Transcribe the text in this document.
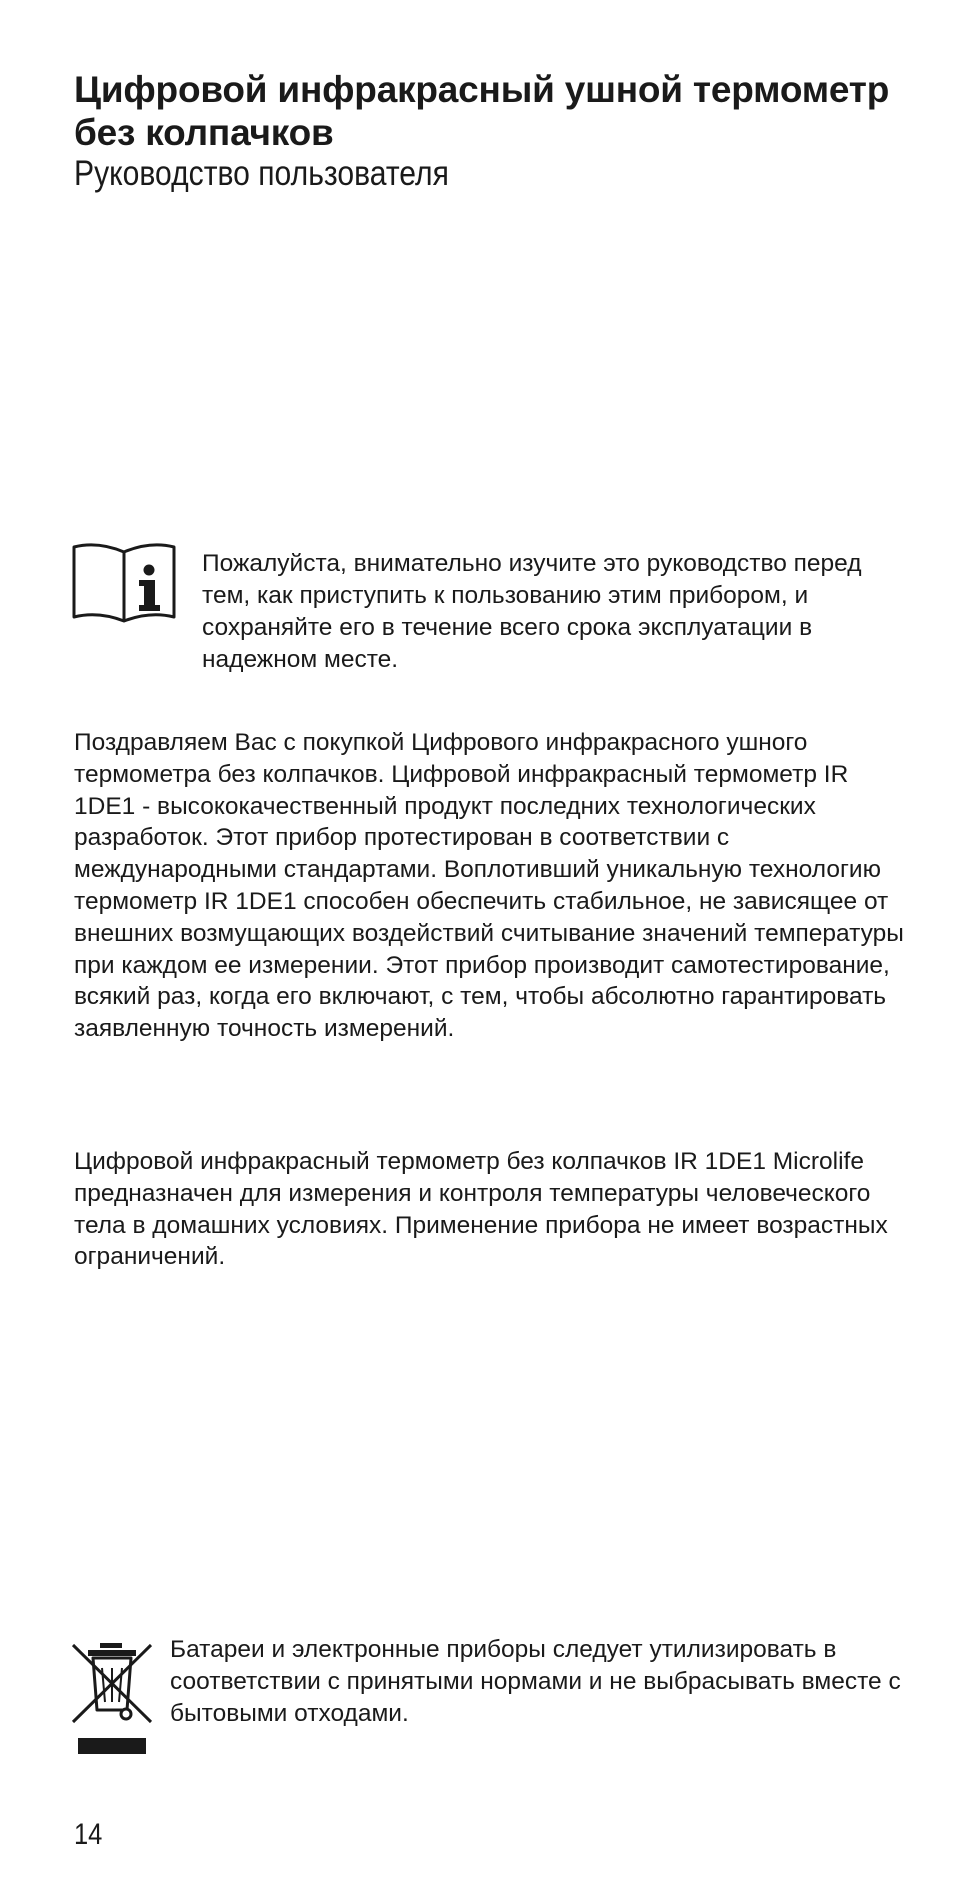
Цифровой инфракрасный ушной термометр без колпачков
Руководство пользователя

Пожалуйста, внимательно изучите это руководство перед тем, как приступить к пользованию этим прибором, и сохраняйте его в течение всего срока эксплуатации в надежном месте.

Поздравляем Вас с покупкой Цифрового инфракрасного ушного термометра без колпачков. Цифровой инфракрасный термометр IR 1DE1 - высококачественный продукт последних технологических разработок. Этот прибор протестирован в соответствии с международными стандартами. Воплотивший уникальную технологию термометр IR 1DE1 способен обеспечить стабильное, не зависящее от внешних возмущающих воздействий считывание значений температуры при каждом ее измерении. Этот прибор производит самотестирование, всякий раз, когда его включают, с тем, чтобы абсолютно гарантировать заявленную точность измерений.

Цифровой инфракрасный термометр без колпачков IR 1DE1 Microlife предназначен для измерения и контроля температуры человеческого тела в домашних условиях. Применение прибора не имеет возрастных ограничений.

Батареи и электронные приборы следует утилизировать в соответствии с принятыми нормами и не выбрасывать вместе с бытовыми отходами.

14
